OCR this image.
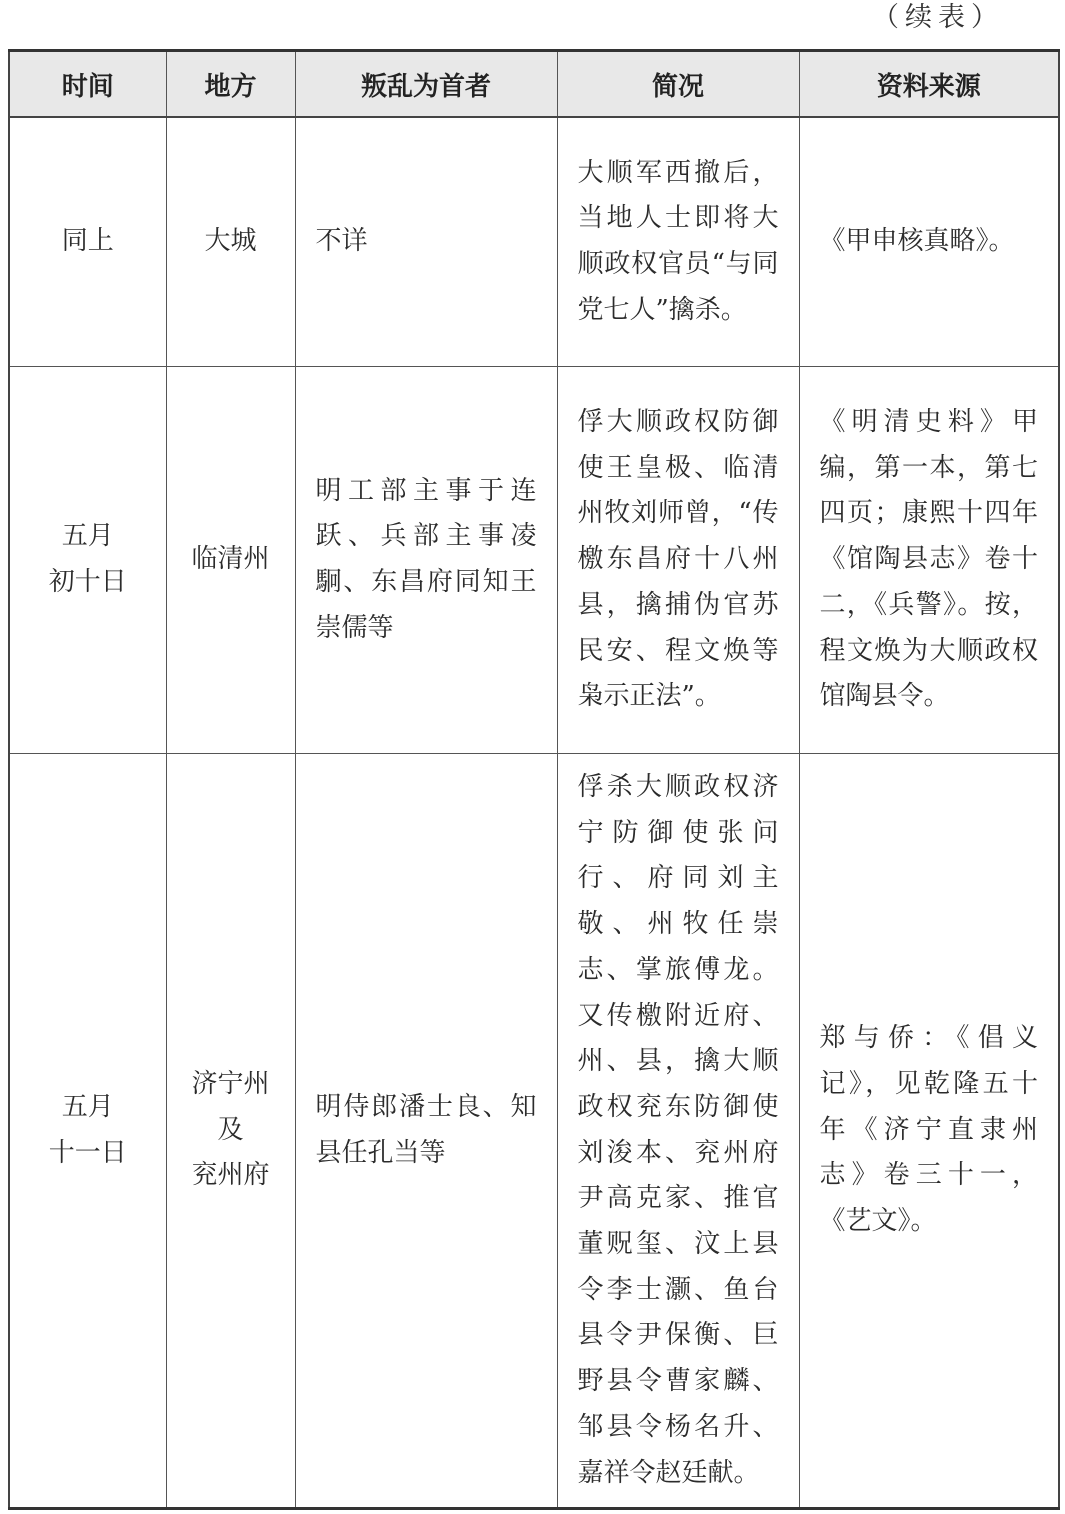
（续表）
时间	地方	叛乱为首者	简况	资料来源
同上	大城	不详	大顺军西撤后，当地人士即将大顺政权官员“与同党七人”擒杀。	《甲申核真略》。
五月
初十日	临清州	明工部主事于连跃、兵部主事凌駉、东昌府同知王崇儒等	俘大顺政权防御使王皇极、临清州牧刘师曾，“传檄东昌府十八州县，擒捕伪官苏民安、程文焕等枭示正法”。	《明清史料》甲编，第一本，第七四页；康熙十四年《馆陶县志》卷十二，《兵警》。按，程文焕为大顺政权馆陶县令。
五月
十一日	济宁州
及
兖州府	明侍郎潘士良、知县任孔当等	俘杀大顺政权济宁防御使张问行、府同刘主敬、州牧任崇志、掌旅傅龙。又传檄附近府、州、县，擒大顺政权兖东防御使刘浚本、兖州府尹高克家、推官董贶玺、汶上县令李士灏、鱼台县令尹保衡、巨野县令曹家麟、邹县令杨名升、嘉祥令赵廷献。	郑与侨：《倡义记》，见乾隆五十年《济宁直隶州志》卷三十一，《艺文》。
